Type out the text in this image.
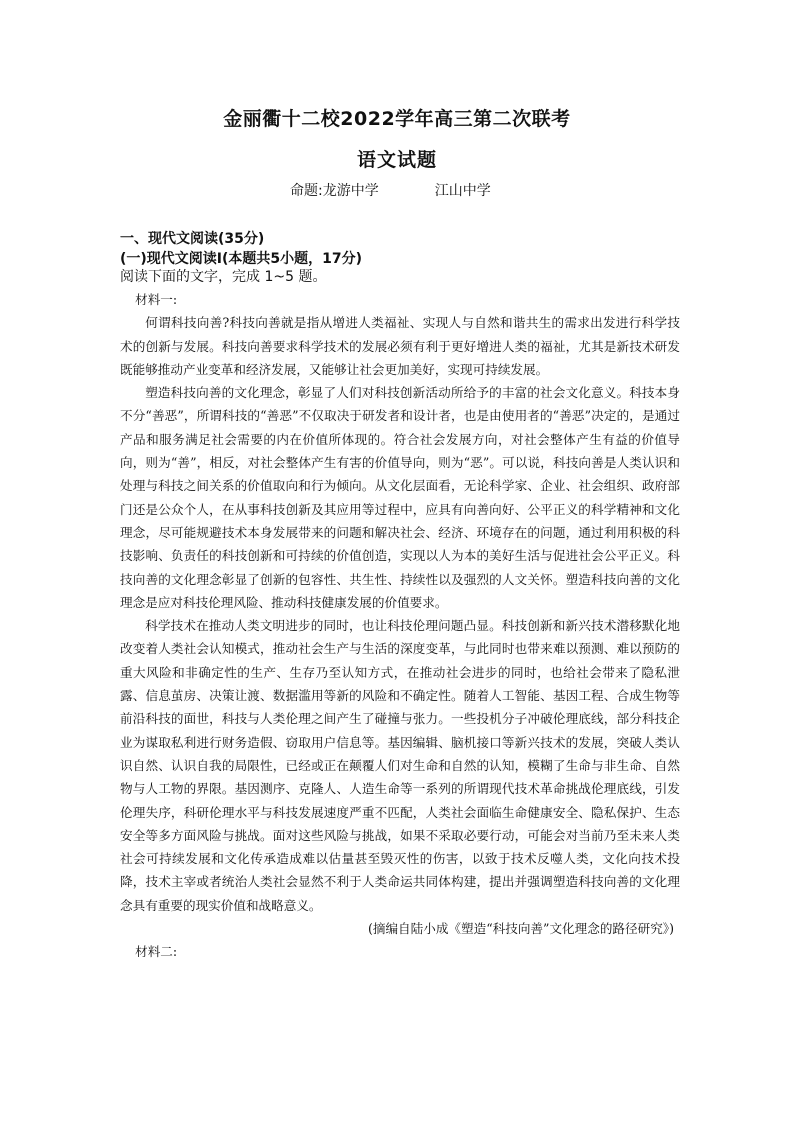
金丽衢十二校2022学年高三第二次联考
语文试题
命题:龙游中学	江山中学
一、现代文阅读(35分)
(一)现代文阅读I(本题共5小题，17分)
阅读下面的文字，完成 1~5 题。

材料一:

何谓科技向善?科技向善就是指从增进人类福祉、实现人与自然和谐共生的需求出发进行科学技术的创新与发展。科技向善要求科学技术的发展必须有利于更好增进人类的福祉，尤其是新技术研发既能够推动产业变革和经济发展，又能够让社会更加美好，实现可持续发展。

塑造科技向善的文化理念，彰显了人们对科技创新活动所给予的丰富的社会文化意义。科技本身不分“善恶”，所谓科技的“善恶”不仅取决于研发者和设计者，也是由使用者的“善恶”决定的，是通过产品和服务满足社会需要的内在价值所体现的。符合社会发展方向，对社会整体产生有益的价值导向，则为“善”，相反，对社会整体产生有害的价值导向，则为“恶”。可以说，科技向善是人类认识和处理与科技之间关系的价值取向和行为倾向。从文化层面看，无论科学家、企业、社会组织、政府部门还是公众个人，在从事科技创新及其应用等过程中，应具有向善向好、公平正义的科学精神和文化理念，尽可能规避技术本身发展带来的问题和解决社会、经济、环境存在的问题，通过利用积极的科技影响、负责任的科技创新和可持续的价值创造，实现以人为本的美好生活与促进社会公平正义。科技向善的文化理念彰显了创新的包容性、共生性、持续性以及强烈的人文关怀。塑造科技向善的文化理念是应对科技伦理风险、推动科技健康发展的价值要求。

科学技术在推动人类文明进步的同时，也让科技伦理问题凸显。科技创新和新兴技术潜移默化地改变着人类社会认知模式，推动社会生产与生活的深度变革，与此同时也带来难以预测、难以预防的重大风险和非确定性的生产、生存乃至认知方式，在推动社会进步的同时，也给社会带来了隐私泄露、信息茧房、决策让渡、数据滥用等新的风险和不确定性。随着人工智能、基因工程、合成生物等前沿科技的面世，科技与人类伦理之间产生了碰撞与张力。一些投机分子冲破伦理底线，部分科技企业为谋取私利进行财务造假、窃取用户信息等。基因编辑、脑机接口等新兴技术的发展，突破人类认识自然、认识自我的局限性，已经或正在颠覆人们对生命和自然的认知，模糊了生命与非生命、自然物与人工物的界限。基因测序、克隆人、人造生命等一系列的所谓现代技术革命挑战伦理底线，引发伦理失序，科研伦理水平与科技发展速度严重不匹配，人类社会面临生命健康安全、隐私保护、生态安全等多方面风险与挑战。面对这些风险与挑战，如果不采取必要行动，可能会对当前乃至未来人类社会可持续发展和文化传承造成难以估量甚至毁灭性的伤害，以致于技术反噬人类，文化向技术投降，技术主宰或者统治人类社会显然不利于人类命运共同体构建，提出并强调塑造科技向善的文化理念具有重要的现实价值和战略意义。

(摘编自陆小成《塑造“科技向善”文化理念的路径研究》)

材料二:
